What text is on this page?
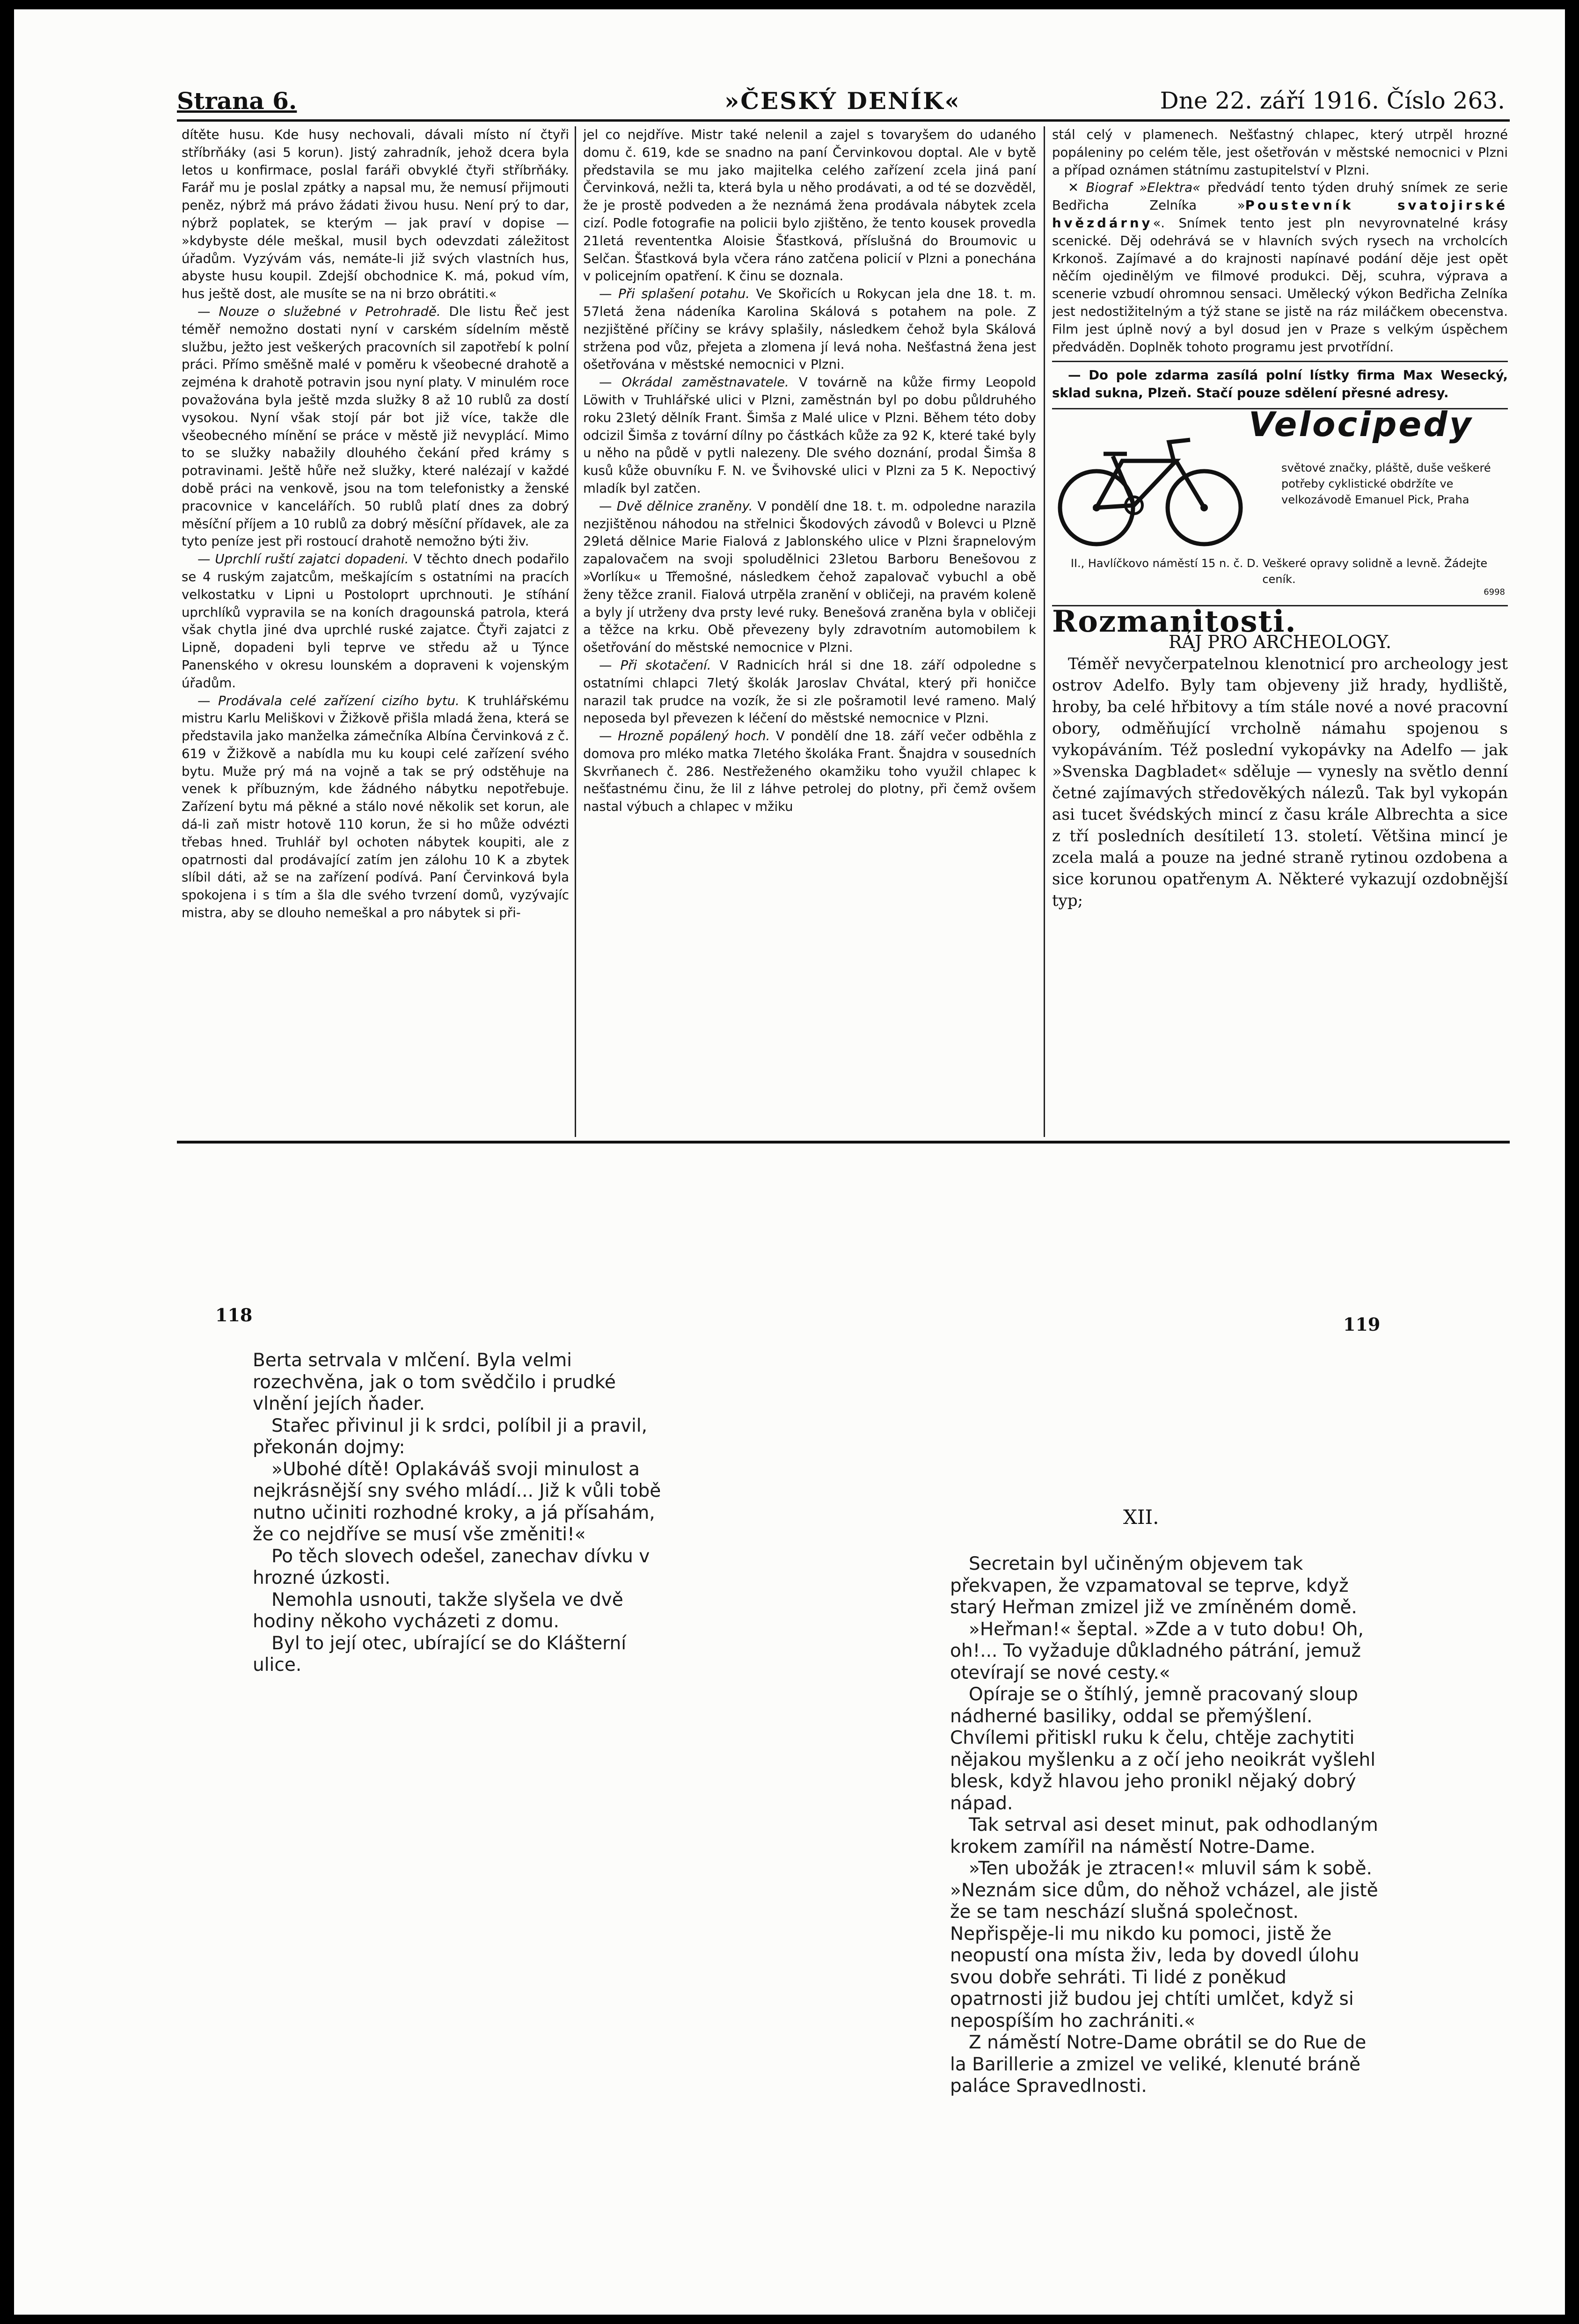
Strana 6.	»ČESKÝ DENÍK«	Dne 22. září 1916. Číslo 263.

dítěte husu. Kde husy nechovali, dávali místo ní čtyři stříbrňáky (asi 5 korun). Jistý zahradník, jehož dcera byla letos u konfirmace, poslal faráři obvyklé čtyři stříbrňáky. Farář mu je poslal zpátky a napsal mu, že nemusí přijmouti peněz, nýbrž má právo žádati živou husu. Není prý to dar, nýbrž poplatek, se kterým — jak praví v dopise — »kdybyste déle meškal, musil bych odevzdati záležitost úřadům. Vyzývám vás, nemáte-li již svých vlastních hus, abyste husu koupil. Zdejší obchodnice K. má, pokud vím, hus ještě dost, ale musíte se na ni brzo obrátiti.«

— Nouze o služebné v Petrohradě. Dle listu Řeč jest téměř nemožno dostati nyní v carském sídelním městě službu, ježto jest veškerých pracovních sil zapotřebí k polní práci. Přímo směšně malé v poměru k všeobecné drahotě a zejména k drahotě potravin jsou nyní platy. V minulém roce považována byla ještě mzda služky 8 až 10 rublů za dostí vysokou. Nyní však stojí pár bot již více, takže dle všeobecného mínění se práce v městě již nevyplácí. Mimo to se služky nabažily dlouhého čekání před krámy s potravinami. Ještě hůře než služky, které nalézají v každé době práci na venkově, jsou na tom telefonistky a ženské pracovnice v kancelářích. 50 rublů platí dnes za dobrý měsíční příjem a 10 rublů za dobrý měsíční přídavek, ale za tyto peníze jest při rostoucí drahotě nemožno býti živ.

— Uprchlí ruští zajatci dopadeni. V těchto dnech podařilo se 4 ruským zajatcům, meškajícím s ostatními na pracích velkostatku v Lipni u Postoloprt uprchnouti. Je stíhání uprchlíků vypravila se na koních dragounská patrola, která však chytla jiné dva uprchlé ruské zajatce. Čtyři zajatci z Lipně, dopadeni byli teprve ve středu až u Týnce Panenského v okresu lounském a dopraveni k vojenským úřadům.

— Prodávala celé zařízení cizího bytu. K truhlářskému mistru Karlu Meliškovi v Žižkově přišla mladá žena, která se představila jako manželka zámečníka Albína Červinková z č. 619 v Žižkově a nabídla mu ku koupi celé zařízení svého bytu. Muže prý má na vojně a tak se prý odstěhuje na venek k příbuzným, kde žádného nábytku nepotřebuje. Zařízení bytu má pěkné a stálo nové několik set korun, ale dá-li zaň mistr hotově 110 korun, že si ho může odvézti třebas hned. Truhlář byl ochoten nábytek koupiti, ale z opatrnosti dal prodávající zatím jen zálohu 10 K a zbytek slíbil dáti, až se na zařízení podívá. Paní Červinková byla spokojena i s tím a šla dle svého tvrzení domů, vyzývajíc mistra, aby se dlouho nemeškal a pro nábytek si při-

jel co nejdříve. Mistr také nelenil a zajel s tovaryšem do udaného domu č. 619, kde se snadno na paní Červinkovou doptal. Ale v bytě představila se mu jako majitelka celého zařízení zcela jiná paní Červinková, nežli ta, která byla u něho prodávati, a od té se dozvěděl, že je prostě podveden a že neznámá žena prodávala nábytek zcela cizí. Podle fotografie na policii bylo zjištěno, že tento kousek provedla 21letá revententka Aloisie Šťastková, příslušná do Broumovic u Selčan. Šťastková byla včera ráno zatčena policií v Plzni a ponechána v policejním opatření. K činu se doznala.

— Při splašení potahu. Ve Skořicích u Rokycan jela dne 18. t. m. 57letá žena nádeníka Karolina Skálová s potahem na pole. Z nezjištěné příčiny se krávy splašily, následkem čehož byla Skálová stržena pod vůz, přejeta a zlomena jí levá noha. Nešťastná žena jest ošetřována v městské nemocnici v Plzni.

— Okrádal zaměstnavatele. V továrně na kůže firmy Leopold Löwith v Truhlářské ulici v Plzni, zaměstnán byl po dobu půldruhého roku 23letý dělník Frant. Šimša z Malé ulice v Plzni. Během této doby odcizil Šimša z tovární dílny po částkách kůže za 92 K, které také byly u něho na půdě v pytli nalezeny. Dle svého doznání, prodal Šimša 8 kusů kůže obuvníku F. N. ve Švihovské ulici v Plzni za 5 K. Nepoctivý mladík byl zatčen.

— Dvě dělnice zraněny. V pondělí dne 18. t. m. odpoledne narazila nezjištěnou náhodou na střelnici Škodových závodů v Bolevci u Plzně 29letá dělnice Marie Fialová z Jablonského ulice v Plzni šrapnelovým zapalovačem na svoji spoludělnici 23letou Barboru Benešovou z »Vorlíku« u Třemošné, následkem čehož zapalovač vybuchl a obě ženy těžce zranil. Fialová utrpěla zranění v obličeji, na pravém koleně a byly jí utrženy dva prsty levé ruky. Benešová zraněna byla v obličeji a těžce na krku. Obě převezeny byly zdravotním automobilem k ošetřování do městské nemocnice v Plzni.

— Při skotačení. V Radnicích hrál si dne 18. září odpoledne s ostatními chlapci 7letý školák Jaroslav Chvátal, který při honičce narazil tak prudce na vozík, že si zle pošramotil levé rameno. Malý neposeda byl převezen k léčení do městské nemocnice v Plzni.

— Hrozně popálený hoch. V pondělí dne 18. září večer odběhla z domova pro mléko matka 7letého školáka Frant. Šnajdra v sousedních Skvrňanech č. 286. Nestřeženého okamžiku toho využil chlapec k nešťastnému činu, že lil z láhve petrolej do plotny, při čemž ovšem nastal výbuch a chlapec v mžiku

stál celý v plamenech. Nešťastný chlapec, který utrpěl hrozné popáleniny po celém těle, jest ošetřován v městské nemocnici v Plzni a případ oznámen státnímu zastupitelství v Plzni.

✕ Biograf »Elektra« předvádí tento týden druhý snímek ze serie Bedřicha Zelníka »Poustevník svatojirské hvězdárny«. Snímek tento jest pln nevyrovnatelné krásy scenické. Děj odehrává se v hlavních svých rysech na vrcholcích Krkonoš. Zajímavé a do krajnosti napínavé podání děje jest opět něčím ojedinělým ve filmové produkci. Děj, scuhra, výprava a scenerie vzbudí ohromnou sensaci. Umělecký výkon Bedřicha Zelníka jest nedostižitelným a týž stane se jistě na ráz miláčkem obecenstva. Film jest úplně nový a byl dosud jen v Praze s velkým úspěchem předváděn. Doplněk tohoto programu jest prvotřídní.

— Do pole zdarma zasílá polní lístky firma Max Wesecký, sklad sukna, Plzeň. Stačí pouze sdělení přesné adresy.

Velocipedy
světové značky, pláště, duše veškeré potřeby cyklistické obdržíte ve velkozávodě Emanuel Pick, Praha
II., Havlíčkovo náměstí 15 n. č. D. Veškeré opravy solidně a levně. Žádejte ceník.
6998
Rozmanitosti.
RÁJ PRO ARCHEOLOGY.

Téměř nevyčerpatelnou klenotnicí pro archeology jest ostrov Adelfo. Byly tam objeveny již hrady, hydliště, hroby, ba celé hřbitovy a tím stále nové a nové pracovní obory, odměňující vrcholně námahu spojenou s vykopáváním. Též poslední vykopávky na Adelfo — jak »Svenska Dagbladet« sděluje — vynesly na světlo denní četné zajímavých středověkých nálezů. Tak byl vykopán asi tucet švédských mincí z času krále Albrechta a sice z tří posledních desítiletí 13. století. Většina mincí je zcela malá a pouze na jedné straně rytinou ozdobena a sice korunou opatřenym A. Některé vykazují ozdobnější typ;

118	119

Berta setrvala v mlčení. Byla velmi rozechvěna, jak o tom svědčilo i prudké vlnění jejích ňader.

Stařec přivinul ji k srdci, políbil ji a pravil, překonán dojmy:

»Ubohé dítě! Oplakáváš svoji minulost a nejkrásnější sny svého mládí... Již k vůli tobě nutno učiniti rozhodné kroky, a já přísahám, že co nejdříve se musí vše změniti!«

Po těch slovech odešel, zanechav dívku v hrozné úzkosti.

Nemohla usnouti, takže slyšela ve dvě hodiny někoho vycházeti z domu.

Byl to její otec, ubírající se do Klášterní ulice.

XII.

Secretain byl učiněným objevem tak překvapen, že vzpamatoval se teprve, když starý Heřman zmizel již ve zmíněném domě.

»Heřman!« šeptal. »Zde a v tuto dobu! Oh, oh!... To vyžaduje důkladného pátrání, jemuž otevírají se nové cesty.«

Opíraje se o štíhlý, jemně pracovaný sloup nádherné basiliky, oddal se přemýšlení. Chvílemi přitiskl ruku k čelu, chtěje zachytiti nějakou myšlenku a z očí jeho neoikrát vyšlehl blesk, když hlavou jeho pronikl nějaký dobrý nápad.

Tak setrval asi deset minut, pak odhodlaným krokem zamířil na náměstí Notre-Dame.

»Ten ubožák je ztracen!« mluvil sám k sobě. »Neznám sice dům, do něhož vcházel, ale jistě že se tam neschází slušná společnost. Nepřispěje-li mu nikdo ku pomoci, jistě že neopustí ona místa živ, leda by dovedl úlohu svou dobře sehráti. Ti lidé z poněkud opatrnosti již budou jej chtíti umlčet, když si nepospíším ho zachrániti.«

Z náměstí Notre-Dame obrátil se do Rue de la Barillerie a zmizel ve veliké, klenuté bráně paláce Spravedlnosti.
